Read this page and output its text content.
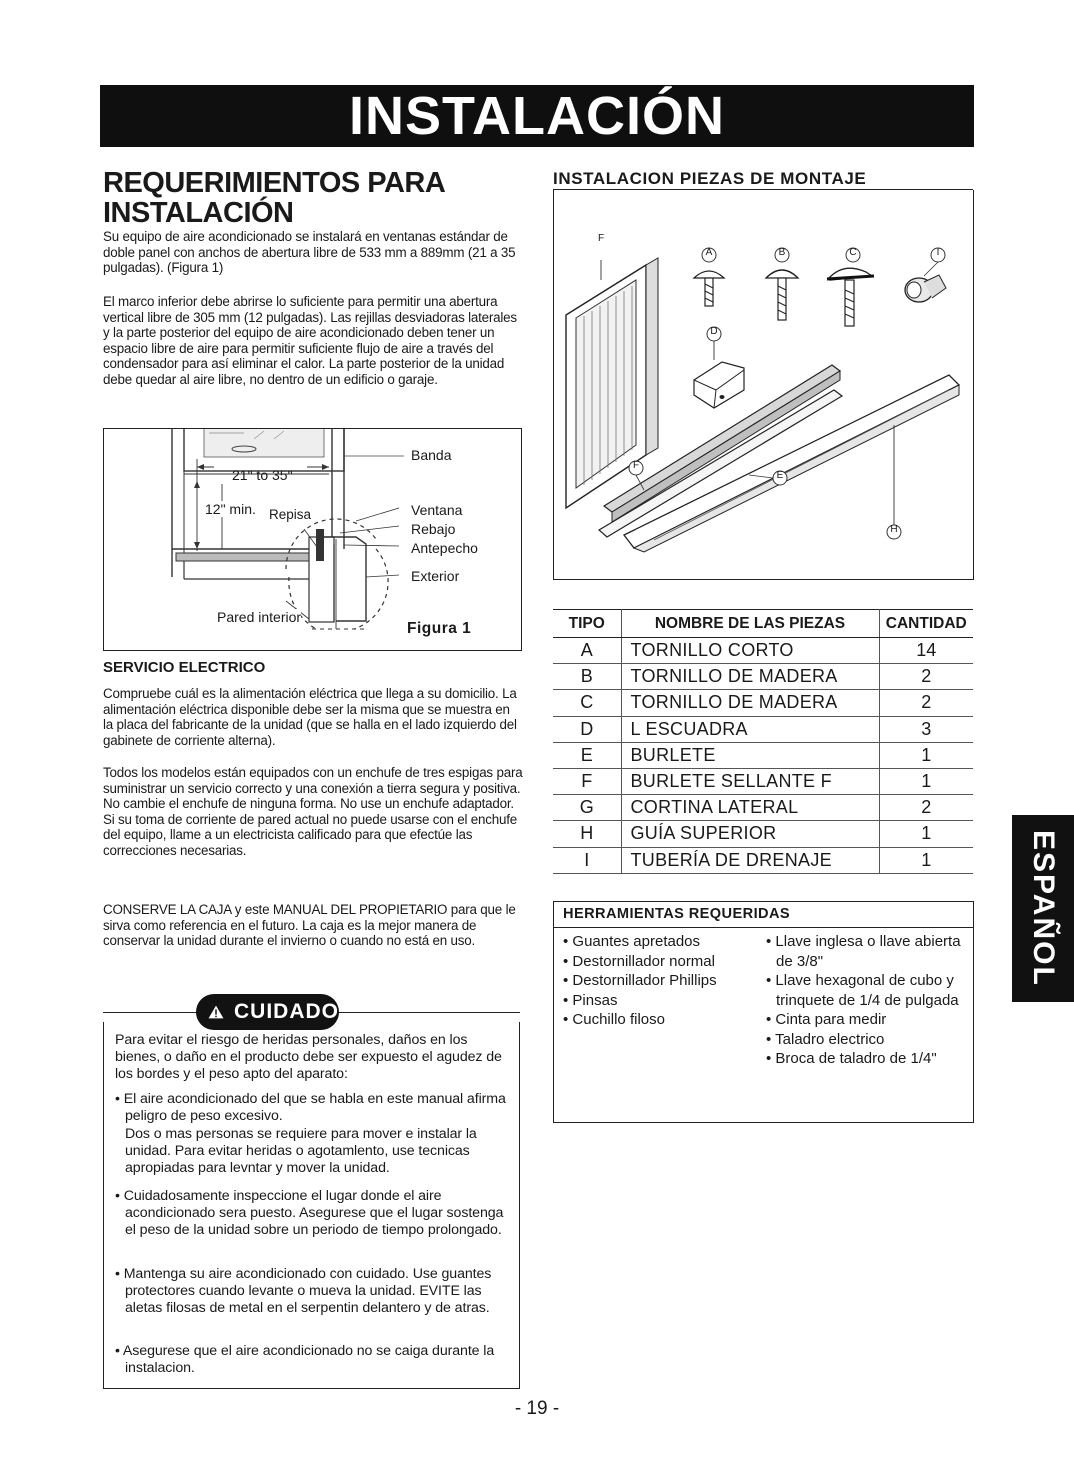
INSTALACIÓN
REQUERIMIENTOS PARA
INSTALACIÓN
Su equipo de aire acondicionado se instalará en ventanas estándar de doble panel con anchos de abertura libre de 533 mm a 889mm (21 a 35 pulgadas). (Figura 1)
El marco inferior debe abrirse lo suficiente para permitir una abertura vertical libre de 305 mm (12 pulgadas). Las rejillas desviadoras laterales y la parte posterior del equipo de aire acondicionado deben tener un espacio libre de aire para permitir suficiente flujo de aire a través del condensador para así eliminar el calor. La parte posterior de la unidad debe quedar al aire libre, no dentro de un edificio o garaje.
Banda
21" to 35"
12" min. Repisa	Ventana
Rebajo
Antepecho
Exterior
Pared interior
Figura 1
SERVICIO ELECTRICO
Compruebe cuál es la alimentación eléctrica que llega a su domicilio. La alimentación eléctrica disponible debe ser la misma que se muestra en la placa del fabricante de la unidad (que se halla en el lado izquierdo del gabinete de corriente alterna).
Todos los modelos están equipados con un enchufe de tres espigas para suministrar un servicio correcto y una conexión a tierra segura y positiva. No cambie el enchufe de ninguna forma. No use un enchufe adaptador. Si su toma de corriente de pared actual no puede usarse con el enchufe del equipo, llame a un electricista calificado para que efectúe las correcciones necesarias.
CONSERVE LA CAJA y este MANUAL DEL PROPIETARIO para que le sirva como referencia en el futuro. La caja es la mejor manera de conservar la unidad durante el invierno o cuando no está en uso.
CUIDADO
Para evitar el riesgo de heridas personales, daños en los bienes, o daño en el producto debe ser expuesto el agudez de los bordes y el peso apto del aparato:
• El aire acondicionado del que se habla en este manual afirma peligro de peso excesivo.
Dos o mas personas se requiere para mover e instalar la unidad. Para evitar heridas o agotamlento, use tecnicas apropiadas para levntar y mover la unidad.
• Cuidadosamente inspeccione el lugar donde el aire acondicionado sera puesto. Asegurese que el lugar sostenga el peso de la unidad sobre un periodo de tiempo prolongado.
• Mantenga su aire acondicionado con cuidado. Use guantes protectores cuando levante o mueva la unidad. EVITE las aletas filosas de metal en el serpentin delantero y de atras.
• Asegurese que el aire acondicionado no se caiga durante la instalacion.
- 19 -
INSTALACION PIEZAS DE MONTAJE
F
A	B	C	I
D
F
E
H
TIPO	NOMBRE DE LAS PIEZAS	CANTIDAD
A	TORNILLO CORTO	14
B	TORNILLO DE MADERA	2
C	TORNILLO DE MADERA	2
D	L ESCUADRA	3
E	BURLETE	1
F	BURLETE SELLANTE F	1
G	CORTINA LATERAL	2
H	GUÍA SUPERIOR	1
I	TUBERÍA DE DRENAJE	1
HERRAMIENTAS REQUERIDAS
• Guantes apretados
• Destornillador normal
• Destornillador Phillips
• Pinsas
• Cuchillo filoso
• Llave inglesa o llave abierta de 3/8"
• Llave hexagonal de cubo y trinquete de 1/4 de pulgada
• Cinta para medir
• Taladro electrico
• Broca de taladro de 1/4"
ESPAÑOL
